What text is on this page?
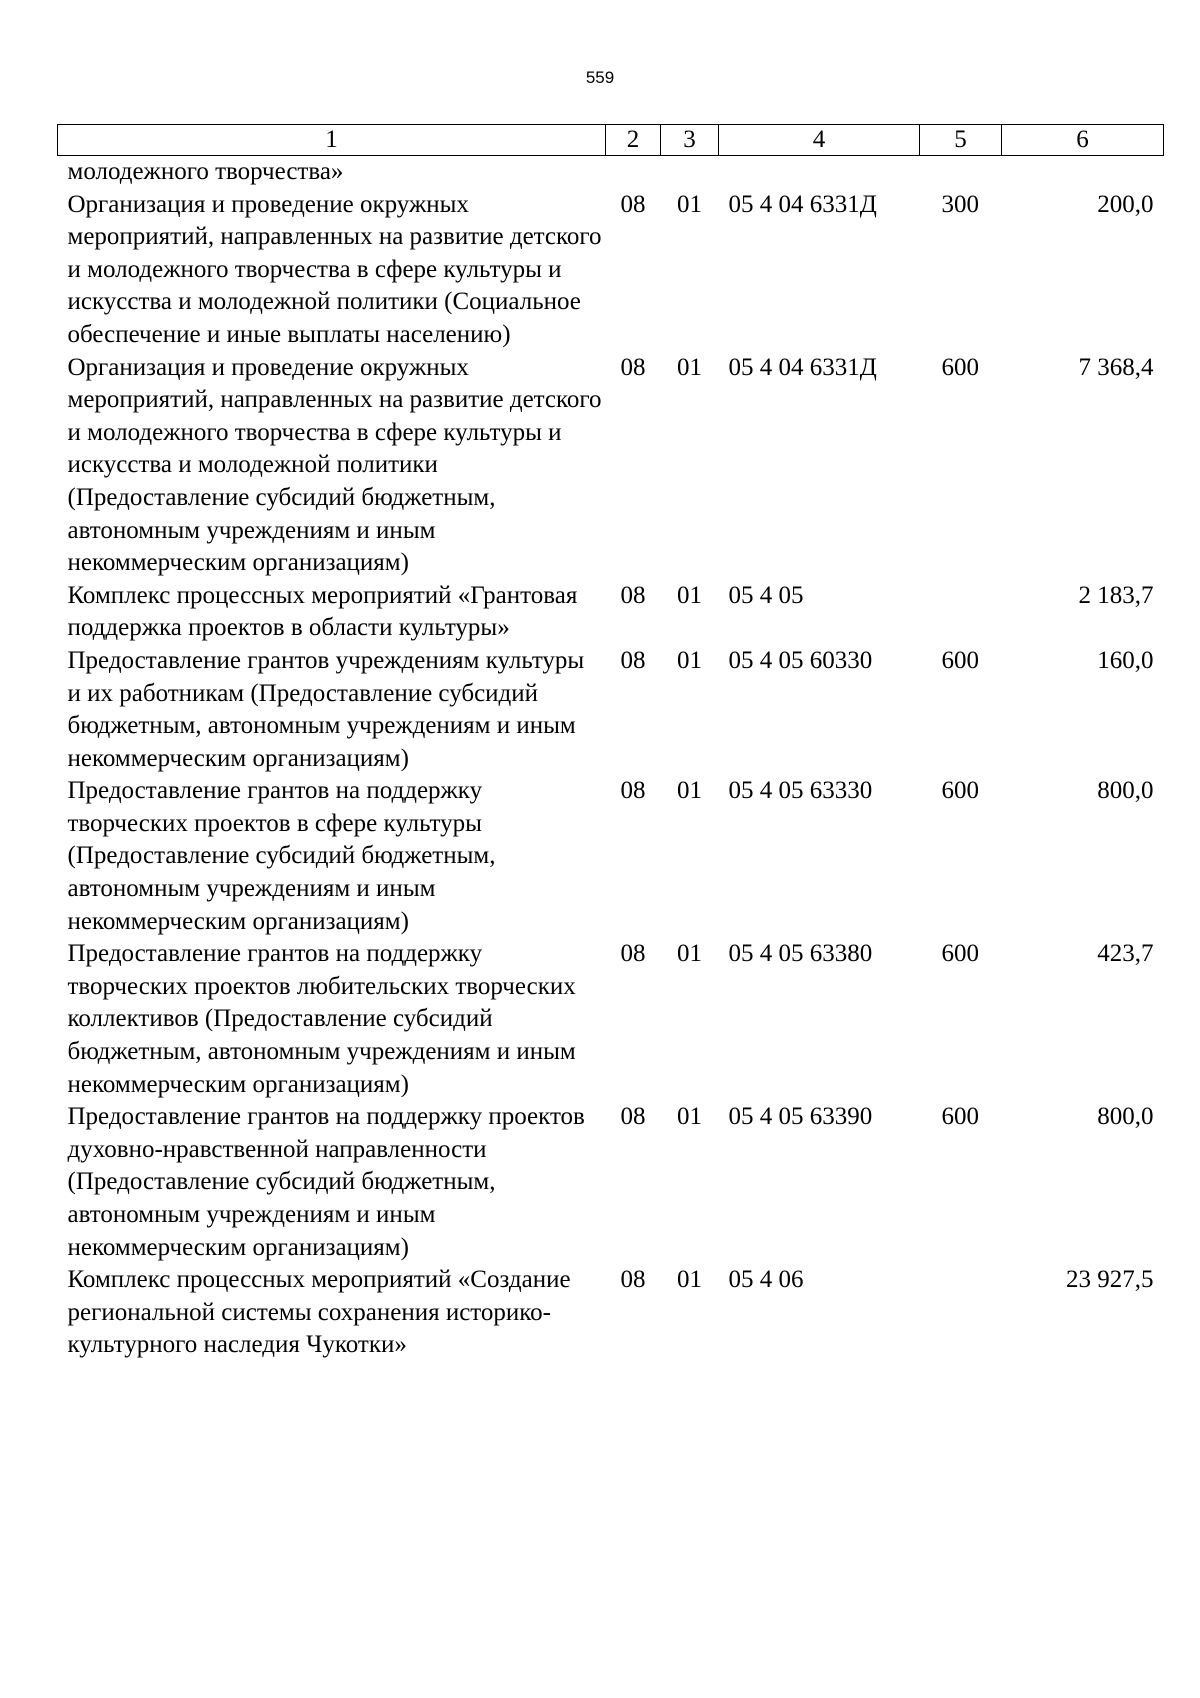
559
1	2	3	4	5	6
молодежного творчества»					
Организация и проведение окружных мероприятий, направленных на развитие детского и молодежного творчества в сфере культуры и искусства и молодежной политики (Социальное обеспечение и иные выплаты населению)	08	01	05 4 04 6331Д	300	200,0
Организация и проведение окружных мероприятий, направленных на развитие детского и молодежного творчества в сфере культуры и искусства и молодежной политики (Предоставление субсидий бюджетным, автономным учреждениям и иным некоммерческим организациям)	08	01	05 4 04 6331Д	600	7 368,4
Комплекс процессных мероприятий «Грантовая поддержка проектов в области культуры»	08	01	05 4 05		2 183,7
Предоставление грантов учреждениям культуры и их работникам (Предоставление субсидий бюджетным, автономным учреждениям и иным некоммерческим организациям)	08	01	05 4 05 60330	600	160,0
Предоставление грантов на поддержку творческих проектов в сфере культуры (Предоставление субсидий бюджетным, автономным учреждениям и иным некоммерческим организациям)	08	01	05 4 05 63330	600	800,0
Предоставление грантов на поддержку творческих проектов любительских творческих коллективов (Предоставление субсидий бюджетным, автономным учреждениям и иным некоммерческим организациям)	08	01	05 4 05 63380	600	423,7
Предоставление грантов на поддержку проектов духовно-нравственной направленности (Предоставление субсидий бюджетным, автономным учреждениям и иным некоммерческим организациям)	08	01	05 4 05 63390	600	800,0
Комплекс процессных мероприятий «Создание региональной системы сохранения историко-культурного наследия Чукотки»	08	01	05 4 06		23 927,5
